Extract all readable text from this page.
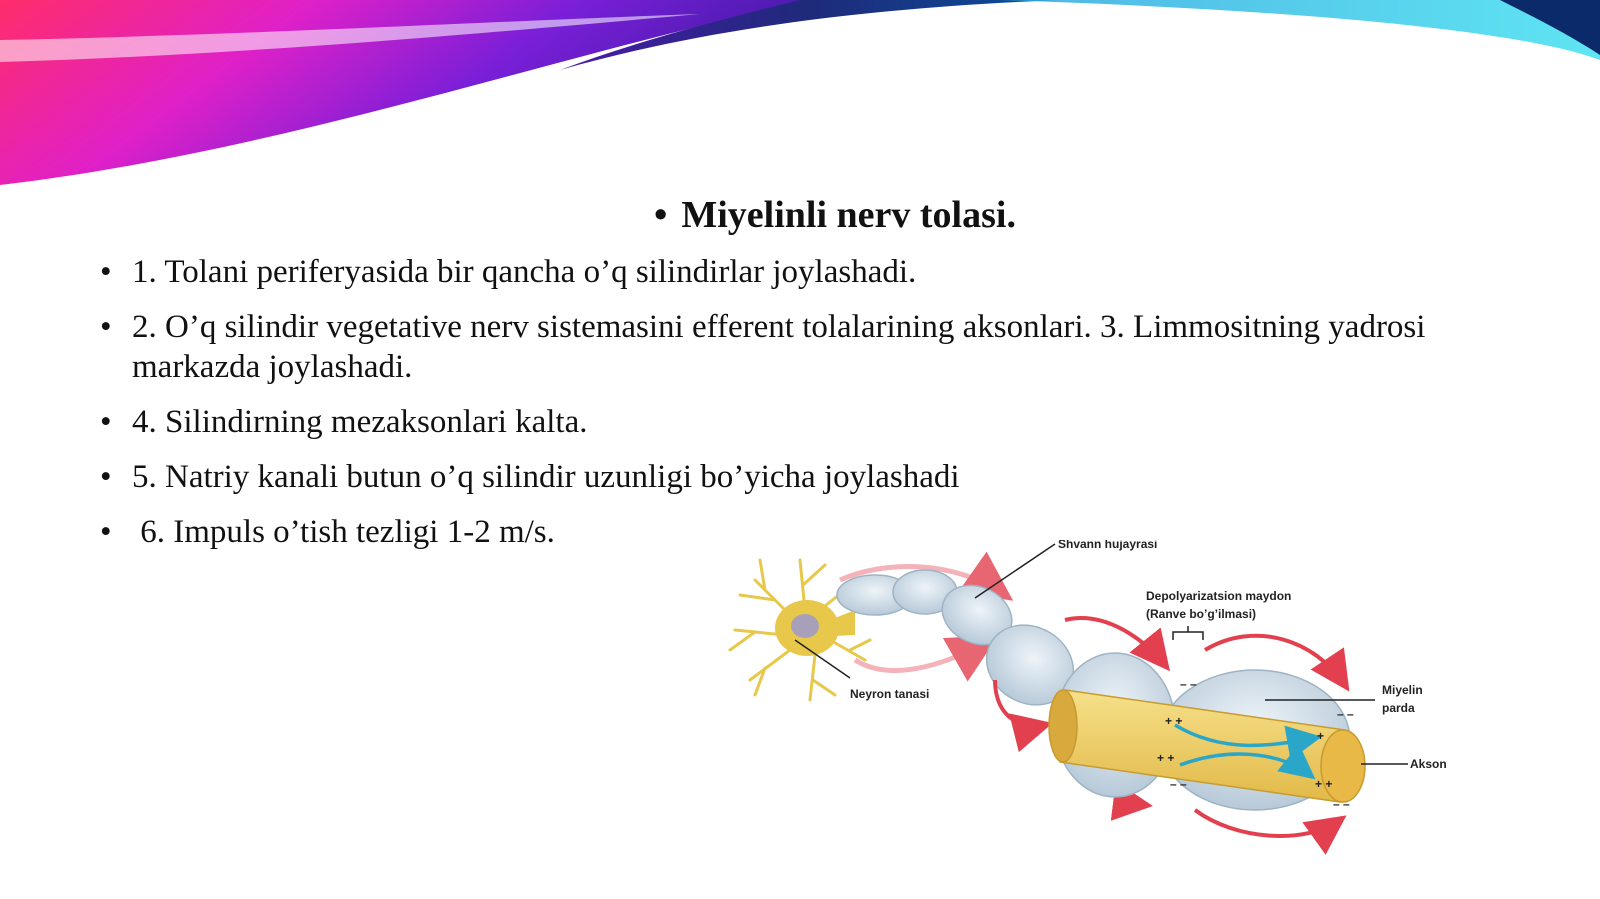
• Miyelinli nerv tolasi.
• 1. Tolani periferyasida bir qancha o’q silindirlar joylashadi.
• 2. O’q silindir vegetative nerv sistemasini efferent tolalarining aksonlari. 3. Limmositning yadrosi markazda joylashadi.
• 4. Silindirning mezaksonlari kalta.
• 5. Natriy kanali butun o’q silindir uzunligi bo’yicha joylashadi
• 6. Impuls o’tish tezligi 1-2 m/s.
+ +
+ +
+
+ +
– –
– –
– –
– –
Shvann hujayrasi
Depolyarizatsion maydon
(Ranve bo’g’ilmasi)
Neyron tanasi	Miyelin
parda
Akson
